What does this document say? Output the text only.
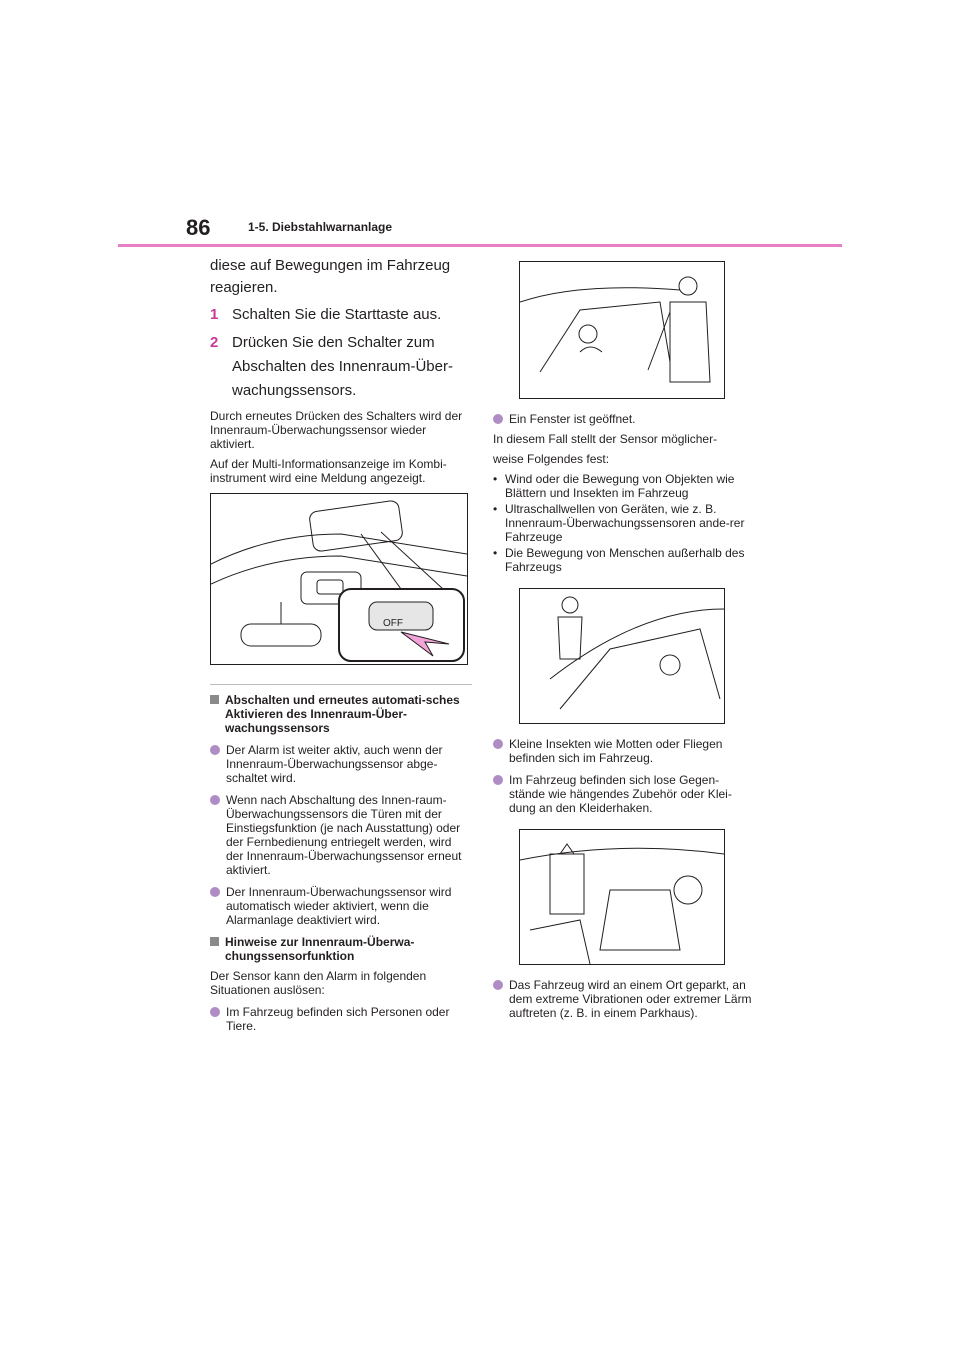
86	1-5. Diebstahlwarnanlage

diese auf Bewegungen im Fahrzeug reagieren.

1 Schalten Sie die Starttaste aus.
2 Drücken Sie den Schalter zum Abschalten des Innenraum-Über-wachungssensors.

Durch erneutes Drücken des Schalters wird der Innenraum-Überwachungssensor wieder aktiviert.

Auf der Multi-Informationsanzeige im Kombi-instrument wird eine Meldung angezeigt.

OFF
Abschalten und erneutes automati-sches Aktivieren des Innenraum-Über-wachungssensors
Der Alarm ist weiter aktiv, auch wenn der Innenraum-Überwachungssensor abge-schaltet wird.
Wenn nach Abschaltung des Innen-raum-Überwachungssensors die Türen mit der Einstiegsfunktion (je nach Ausstattung) oder der Fernbedienung entriegelt werden, wird der Innenraum-Überwachungssensor erneut aktiviert.
Der Innenraum-Überwachungssensor wird automatisch wieder aktiviert, wenn die Alarmanlage deaktiviert wird.
Hinweise zur Innenraum-Überwa-chungssensorfunktion

Der Sensor kann den Alarm in folgenden Situationen auslösen:

Im Fahrzeug befinden sich Personen oder Tiere.
Ein Fenster ist geöffnet.

In diesem Fall stellt der Sensor möglicher-

weise Folgendes fest:

• Wind oder die Bewegung von Objekten wie Blättern und Insekten im Fahrzeug
• Ultraschallwellen von Geräten, wie z. B. Innenraum-Überwachungssensoren ande-rer Fahrzeuge
• Die Bewegung von Menschen außerhalb des Fahrzeugs
Kleine Insekten wie Motten oder Fliegen befinden sich im Fahrzeug.
Im Fahrzeug befinden sich lose Gegen-stände wie hängendes Zubehör oder Klei-dung an den Kleiderhaken.
Das Fahrzeug wird an einem Ort geparkt, an dem extreme Vibrationen oder extremer Lärm auftreten (z. B. in einem Parkhaus).
